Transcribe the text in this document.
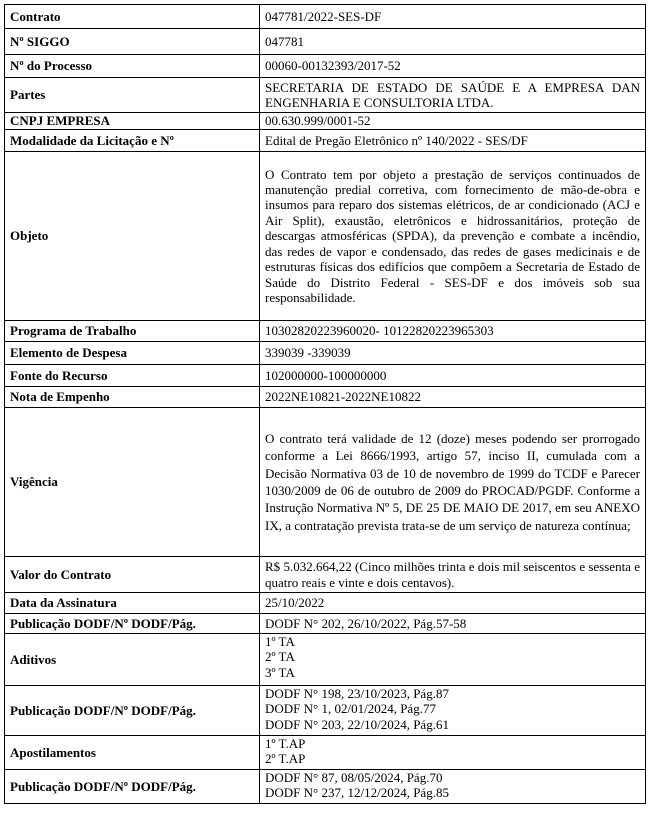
Contrato	047781/2022-SES-DF

Nº SIGGO	047781

Nº do Processo	00060-00132393/2017-52

Partes	SECRETARIA DE ESTADO DE SAÚDE E A EMPRESA DAN ENGENHARIA E CONSULTORIA LTDA.
CNPJ EMPRESA	00.630.999/0001-52

Modalidade da Licitação e Nº	Edital de Pregão Eletrônico nº 140/2022 - SES/DF

Objeto	O Contrato tem por objeto a prestação de serviços continuados de manutenção predial corretiva, com fornecimento de mão-de-obra e insumos para reparo dos sistemas elétricos, de ar condicionado (ACJ e Air Split), exaustão, eletrônicos e hidrossanitários, proteção de descargas atmosféricas (SPDA), da prevenção e combate a incêndio, das redes de vapor e condensado, das redes de gases medicinais e de estruturas físicas dos edifícios que compõem a Secretaria de Estado de Saúde do Distrito Federal - SES-DF e dos imóveis sob sua responsabilidade.
Programa de Trabalho	10302820223960020- 10122820223965303

Elemento de Despesa	339039 -339039

Fonte do Recurso	102000000-100000000

Nota de Empenho	2022NE10821-2022NE10822

Vigência	O contrato terá validade de 12 (doze) meses podendo ser prorrogado conforme a Lei 8666/1993, artigo 57, inciso II, cumulada com a Decisão Normativa 03 de 10 de novembro de 1999 do TCDF e Parecer 1030/2009 de 06 de outubro de 2009 do PROCAD/PGDF. Conforme a Instrução Normativa Nº 5, DE 25 DE MAIO DE 2017, em seu ANEXO IX, a contratação prevista trata-se de um serviço de natureza contínua;
Valor do Contrato	R$ 5.032.664,22 (Cinco milhões trinta e dois mil seiscentos e sessenta e quatro reais e vinte e dois centavos).
Data da Assinatura	25/10/2022

Publicação DODF/Nº DODF/Pág.	DODF N° 202, 26/10/2022, Pág.57-58

Aditivos	1º TA
2º TA
3º TA

Publicação DODF/Nº DODF/Pág.	DODF N° 198, 23/10/2023, Pág.87
DODF N° 1, 02/01/2024, Pág.77
DODF N° 203, 22/10/2024, Pág.61

Apostilamentos	1º T.AP
2º T.AP

Publicação DODF/Nº DODF/Pág.	DODF N° 87, 08/05/2024, Pág.70
DODF N° 237, 12/12/2024, Pág.85
